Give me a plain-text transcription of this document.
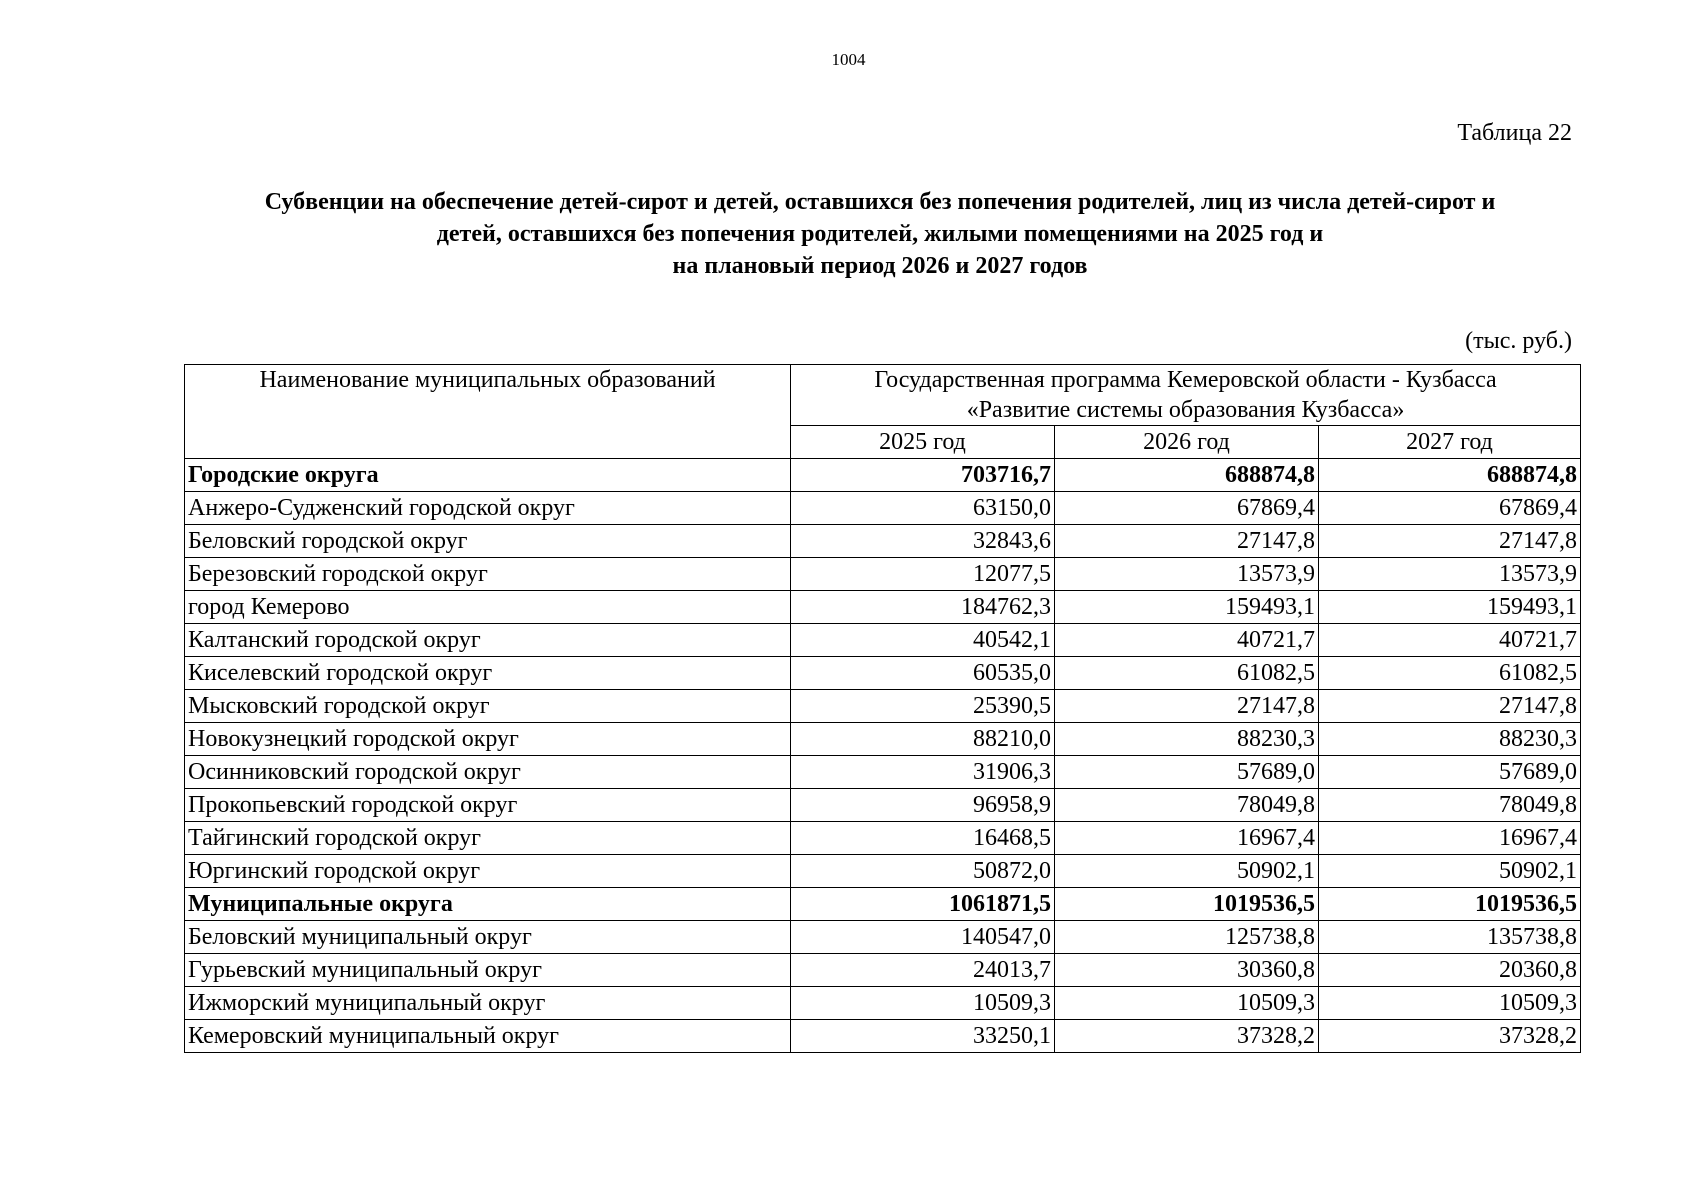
1004
Таблица 22
Субвенции на обеспечение детей-сирот и детей, оставшихся без попечения родителей, лиц из числа детей-сирот и
детей, оставшихся без попечения родителей, жилыми помещениями на 2025 год и
на плановый период 2026 и 2027 годов
(тыс. руб.)
Наименование муниципальных образований	Государственная программа Кемеровской области - Кузбасса
«Развитие системы образования Кузбасса»		

	2025 год	2026 год	2027 год
Городские округа	703716,7	688874,8	688874,8
Анжеро-Судженский городской округ	63150,0	67869,4	67869,4
Беловский городской округ	32843,6	27147,8	27147,8
Березовский городской округ	12077,5	13573,9	13573,9
город Кемерово	184762,3	159493,1	159493,1
Калтанский городской округ	40542,1	40721,7	40721,7
Киселевский городской округ	60535,0	61082,5	61082,5
Мысковский городской округ	25390,5	27147,8	27147,8
Новокузнецкий городской округ	88210,0	88230,3	88230,3
Осинниковский городской округ	31906,3	57689,0	57689,0
Прокопьевский городской округ	96958,9	78049,8	78049,8
Тайгинский городской округ	16468,5	16967,4	16967,4
Юргинский городской округ	50872,0	50902,1	50902,1
Муниципальные округа	1061871,5	1019536,5	1019536,5
Беловский муниципальный округ	140547,0	125738,8	135738,8
Гурьевский муниципальный округ	24013,7	30360,8	20360,8
Ижморский муниципальный округ	10509,3	10509,3	10509,3
Кемеровский муниципальный округ	33250,1	37328,2	37328,2
